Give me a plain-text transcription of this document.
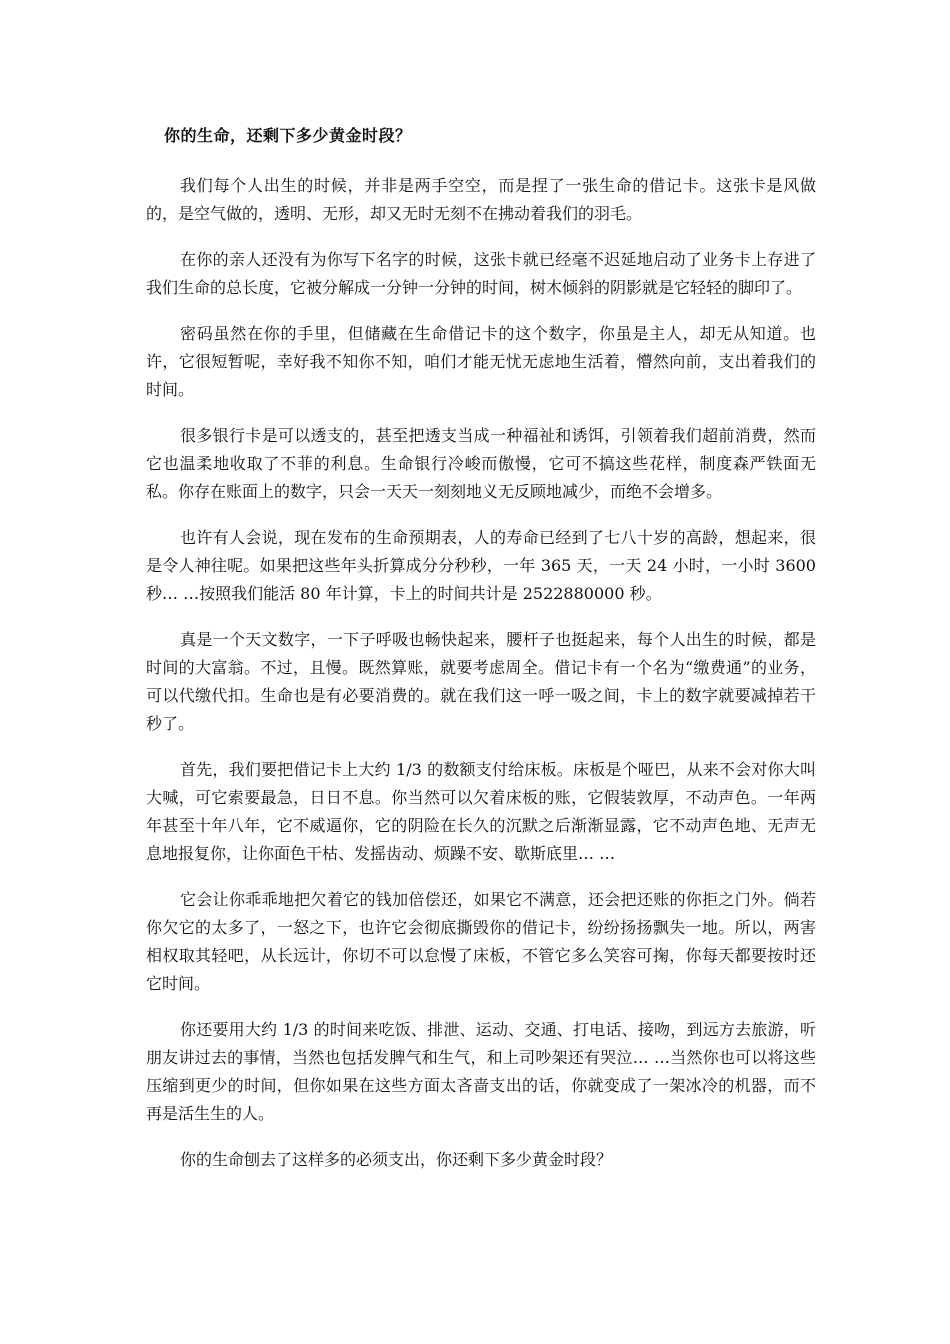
你的生命，还剩下多少黄金时段？

我们每个人出生的时候，并非是两手空空，而是捏了一张生命的借记卡。这张卡是风做的，是空气做的，透明、无形，却又无时无刻不在拂动着我们的羽毛。

在你的亲人还没有为你写下名字的时候，这张卡就已经毫不迟延地启动了业务卡上存进了我们生命的总长度，它被分解成一分钟一分钟的时间，树木倾斜的阴影就是它轻轻的脚印了。

密码虽然在你的手里，但储藏在生命借记卡的这个数字，你虽是主人，却无从知道。也许，它很短暂呢，幸好我不知你不知，咱们才能无忧无虑地生活着，懵然向前，支出着我们的时间。

很多银行卡是可以透支的，甚至把透支当成一种福祉和诱饵，引领着我们超前消费，然而它也温柔地收取了不菲的利息。生命银行冷峻而傲慢，它可不搞这些花样，制度森严铁面无私。你存在账面上的数字，只会一天天一刻刻地义无反顾地减少，而绝不会增多。

也许有人会说，现在发布的生命预期表，人的寿命已经到了七八十岁的高龄，想起来，很是令人神往呢。如果把这些年头折算成分分秒秒，一年 365 天，一天 24 小时，一小时 3600 秒… …按照我们能活 80 年计算，卡上的时间共计是 2522880000 秒。

真是一个天文数字，一下子呼吸也畅快起来，腰杆子也挺起来，每个人出生的时候，都是时间的大富翁。不过，且慢。既然算账，就要考虑周全。借记卡有一个名为“缴费通”的业务，可以代缴代扣。生命也是有必要消费的。就在我们这一呼一吸之间，卡上的数字就要减掉若干秒了。

首先，我们要把借记卡上大约 1/3 的数额支付给床板。床板是个哑巴，从来不会对你大叫大喊，可它索要最急，日日不息。你当然可以欠着床板的账，它假装敦厚，不动声色。一年两年甚至十年八年，它不威逼你，它的阴险在长久的沉默之后渐渐显露，它不动声色地、无声无息地报复你，让你面色干枯、发摇齿动、烦躁不安、歇斯底里… …

它会让你乖乖地把欠着它的钱加倍偿还，如果它不满意，还会把还账的你拒之门外。倘若你欠它的太多了，一怒之下，也许它会彻底撕毁你的借记卡，纷纷扬扬飘失一地。所以，两害相权取其轻吧，从长远计，你切不可以怠慢了床板，不管它多么笑容可掬，你每天都要按时还它时间。

你还要用大约 1/3 的时间来吃饭、排泄、运动、交通、打电话、接吻，到远方去旅游，听朋友讲过去的事情，当然也包括发脾气和生气，和上司吵架还有哭泣… …当然你也可以将这些压缩到更少的时间，但你如果在这些方面太吝啬支出的话，你就变成了一架冰冷的机器，而不再是活生生的人。

你的生命刨去了这样多的必须支出，你还剩下多少黄金时段？
